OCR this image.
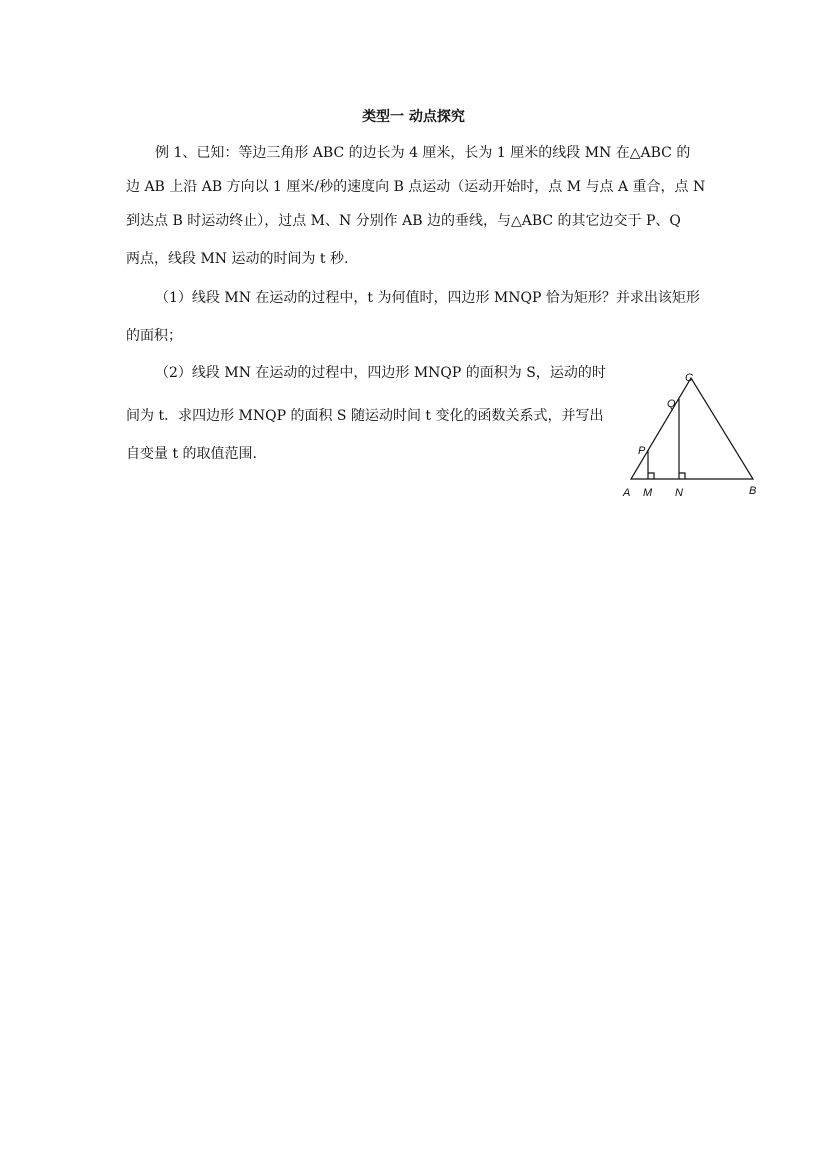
类型一 动点探究
例 1、已知：等边三角形 ABC 的边长为 4 厘米，长为 1 厘米的线段 MN 在△ABC 的
边 AB 上沿 AB 方向以 1 厘米/秒的速度向 B 点运动（运动开始时，点 M 与点 A 重合，点 N
到达点 B 时运动终止），过点 M、N 分别作 AB 边的垂线，与△ABC 的其它边交于 P、Q
两点，线段 MN 运动的时间为 t 秒.
（1）线段 MN 在运动的过程中，t 为何值时，四边形 MNQP 恰为矩形？并求出该矩形
的面积；
（2）线段 MN 在运动的过程中，四边形 MNQP 的面积为 S，运动的时
间为 t．求四边形 MNQP 的面积 S 随运动时间 t 变化的函数关系式，并写出
自变量 t 的取值范围.
A M N	B
C
P
Q
